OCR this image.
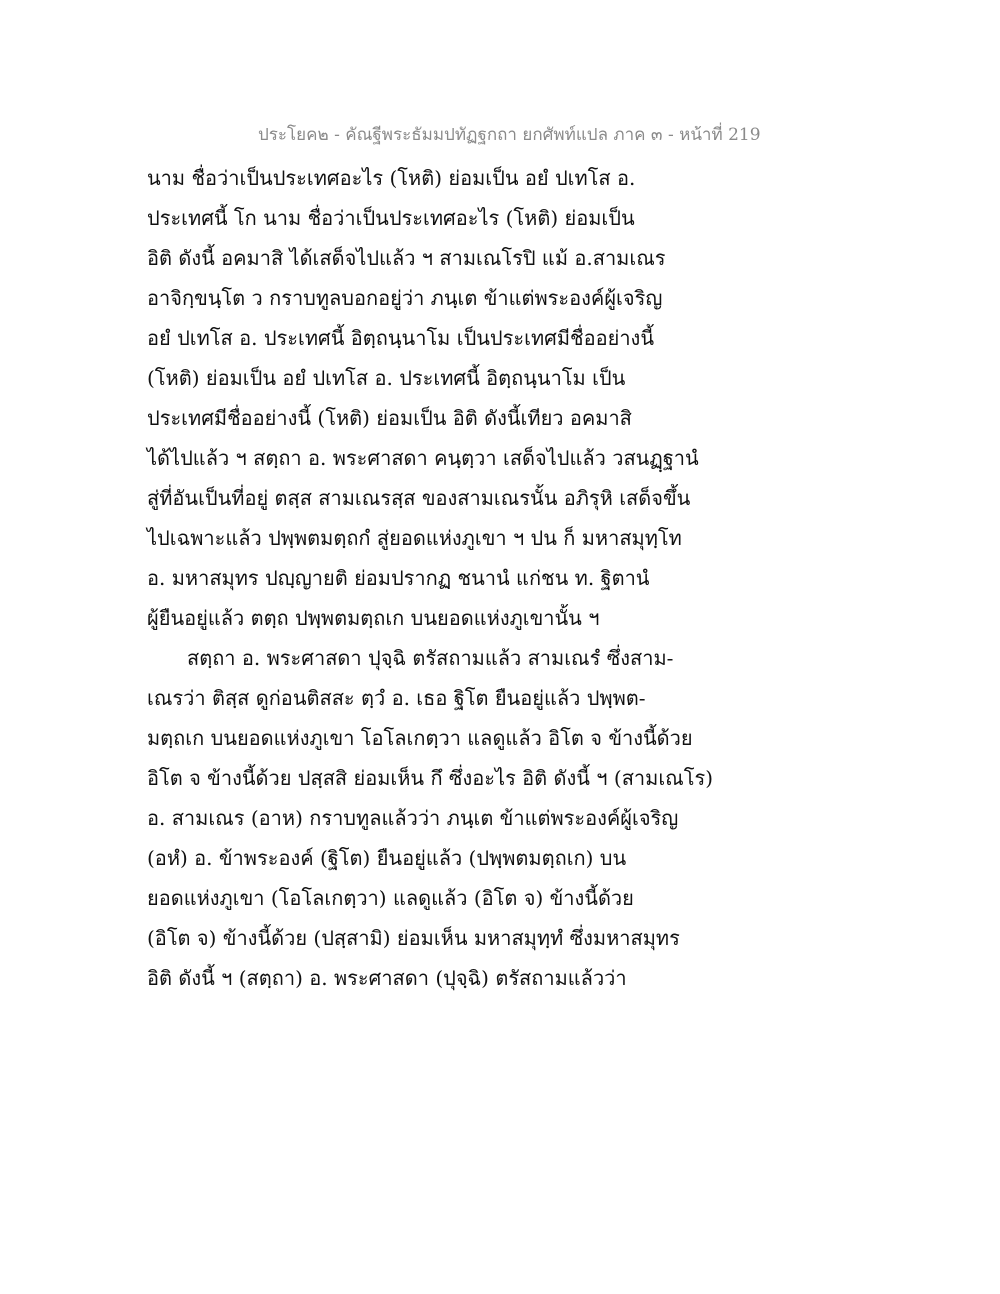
ประโยค๒ - คัณฐีพระธัมมปทัฏฐกถา ยกศัพท์แปล ภาค ๓ - หน้าที่ 219
นาม ชื่อว่าเป็นประเทศอะไร (โหติ) ย่อมเป็น อยํ ปเทโส อ.
ประเทศนี้ โก นาม ชื่อว่าเป็นประเทศอะไร (โหติ) ย่อมเป็น
อิติ ดังนี้ อคมาสิ ได้เสด็จไปแล้ว ฯ สามเณโรปิ แม้ อ.สามเณร
อาจิกฺขนฺโต ว กราบทูลบอกอยู่ว่า ภนฺเต ข้าแต่พระองค์ผู้เจริญ
อยํ ปเทโส อ. ประเทศนี้ อิตฺถนฺนาโม เป็นประเทศมีชื่ออย่างนี้
(โหติ) ย่อมเป็น อยํ ปเทโส อ. ประเทศนี้ อิตฺถนฺนาโม เป็น
ประเทศมีชื่ออย่างนี้ (โหติ) ย่อมเป็น อิติ ดังนี้เทียว อคมาสิ
ได้ไปแล้ว ฯ สตฺถา อ. พระศาสดา คนฺตฺวา เสด็จไปแล้ว วสนฏฺฐานํ
สู่ที่อันเป็นที่อยู่ ตสฺส สามเณรสฺส ของสามเณรนั้น อภิรุหิ เสด็จขึ้น
ไปเฉพาะแล้ว ปพฺพตมตฺถกํ สู่ยอดแห่งภูเขา ฯ ปน ก็ มหาสมุทฺโท
อ. มหาสมุทร ปญฺญายติ ย่อมปรากฏ ชนานํ แก่ชน ท. ฐิตานํ
ผู้ยืนอยู่แล้ว ตตฺถ ปพฺพตมตฺถเก บนยอดแห่งภูเขานั้น ฯ
สตฺถา อ. พระศาสดา ปุจฺฉิ ตรัสถามแล้ว สามเณรํ ซึ่งสาม-
เณรว่า ติสฺส ดูก่อนติสสะ ตฺวํ อ. เธอ ฐิโต ยืนอยู่แล้ว ปพฺพต-
มตฺถเก บนยอดแห่งภูเขา โอโลเกตฺวา แลดูแล้ว อิโต จ ข้างนี้ด้วย
อิโต จ ข้างนี้ด้วย ปสฺสสิ ย่อมเห็น กึ ซึ่งอะไร อิติ ดังนี้ ฯ (สามเณโร)
อ. สามเณร (อาห) กราบทูลแล้วว่า ภนฺเต ข้าแต่พระองค์ผู้เจริญ
(อหํ) อ. ข้าพระองค์ (ฐิโต) ยืนอยู่แล้ว (ปพฺพตมตฺถเก) บน
ยอดแห่งภูเขา (โอโลเกตฺวา) แลดูแล้ว (อิโต จ) ข้างนี้ด้วย
(อิโต จ) ข้างนี้ด้วย (ปสฺสามิ) ย่อมเห็น มหาสมุทฺทํ ซึ่งมหาสมุทร
อิติ ดังนี้ ฯ (สตฺถา) อ. พระศาสดา (ปุจฺฉิ) ตรัสถามแล้วว่า
